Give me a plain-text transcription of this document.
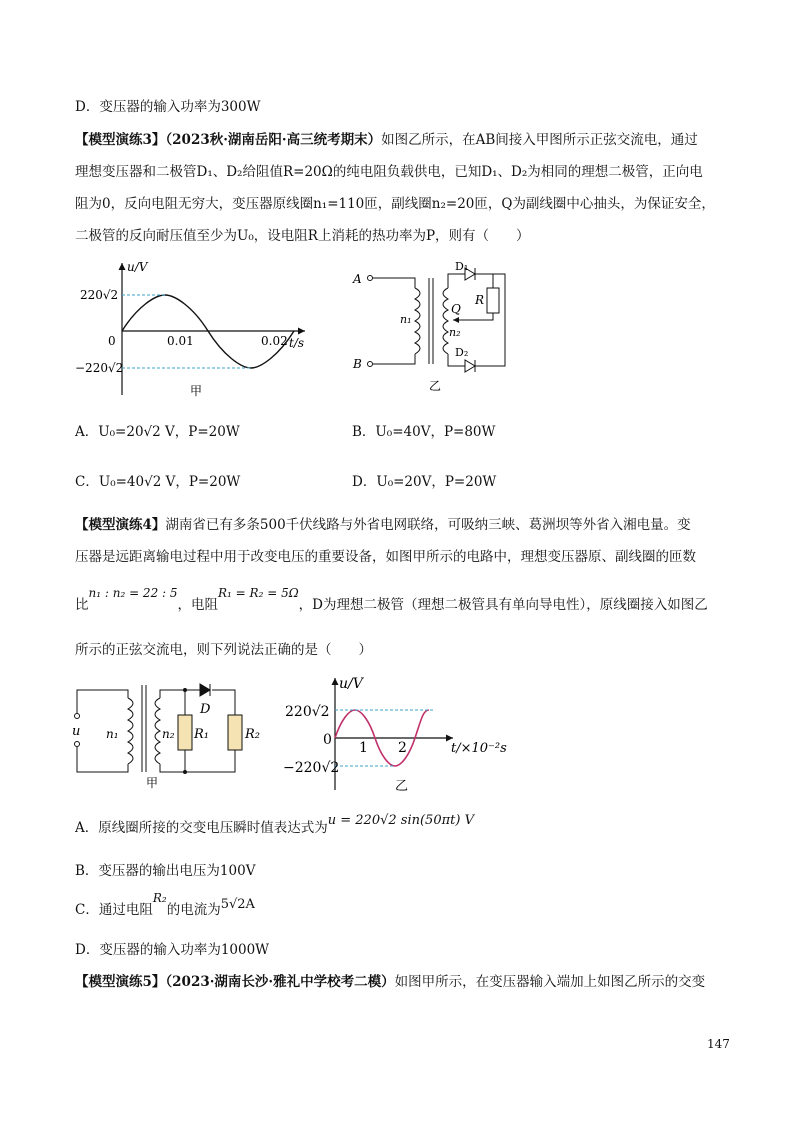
D．变压器的输入功率为300W
【模型演练3】（2023秋·湖南岳阳·高三统考期末）如图乙所示，在AB间接入甲图所示正弦交流电，通过
理想变压器和二极管D₁、D₂给阻值R=20Ω的纯电阻负载供电，已知D₁、D₂为相同的理想二极管，正向电
阻为0，反向电阻无穷大，变压器原线圈n₁=110匝，副线圈n₂=20匝，Q为副线圈中心抽头，为保证安全，
二极管的反向耐压值至少为U₀，设电阻R上消耗的热功率为P，则有（　　）
u/V
220√2
−220√2
0	0.01	0.02 t/s
甲
A
B
D₁
D₂
R
Q
n₁
n₂
乙
A．U₀=20√2 V，P=20W	B．U₀=40V，P=80W
C．U₀=40√2 V，P=20W	D．U₀=20V，P=20W
【模型演练4】湖南省已有多条500千伏线路与外省电网联络，可吸纳三峡、葛洲坝等外省入湘电量。变
压器是远距离输电过程中用于改变电压的重要设备，如图甲所示的电路中，理想变压器原、副线圈的匝数
比n₁ : n₂ = 22 : 5，电阻R₁ = R₂ = 5Ω，D为理想二极管（理想二极管具有单向导电性），原线圈接入如图乙
所示的正弦交流电，则下列说法正确的是（　　）
u n₁	n₂
D
R₁	R₂
甲
u/V
220√2
−220√2
0 1 2	t/×10⁻²s
乙
A．原线圈所接的交变电压瞬时值表达式为u = 220√2 sin(50πt) V
B．变压器的输出电压为100V
C．通过电阻R₂的电流为5√2A
D．变压器的输入功率为1000W
【模型演练5】（2023·湖南长沙·雅礼中学校考二模）如图甲所示，在变压器输入端加上如图乙所示的交变
147
